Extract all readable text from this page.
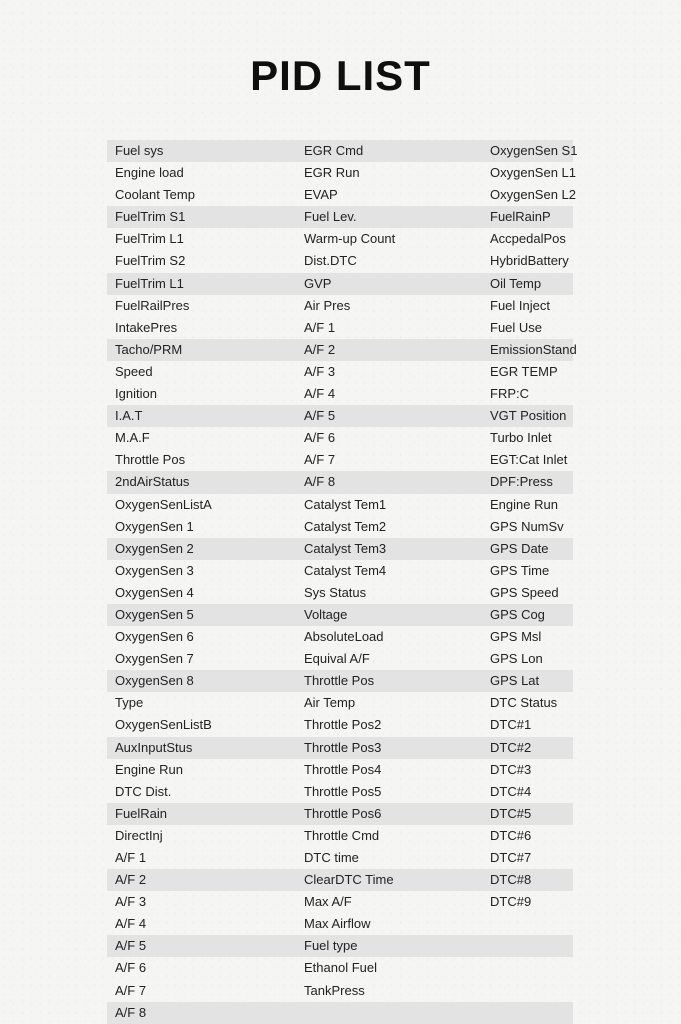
PID LIST
Fuel sys	EGR Cmd	OxygenSen S1
Engine load	EGR Run	OxygenSen L1
Coolant Temp	EVAP	OxygenSen L2
FuelTrim S1	Fuel Lev.	FuelRainP
FuelTrim L1	Warm-up Count	AccpedalPos
FuelTrim S2	Dist.DTC	HybridBattery
FuelTrim L1	GVP	Oil Temp
FuelRailPres	Air Pres	Fuel Inject
IntakePres	A/F 1	Fuel Use
Tacho/PRM	A/F 2	EmissionStand
Speed	A/F 3	EGR TEMP
Ignition	A/F 4	FRP:C
I.A.T	A/F 5	VGT Position
M.A.F	A/F 6	Turbo Inlet
Throttle Pos	A/F 7	EGT:Cat Inlet
2ndAirStatus	A/F 8	DPF:Press
OxygenSenListA	Catalyst Tem1	Engine Run
OxygenSen 1	Catalyst Tem2	GPS NumSv
OxygenSen 2	Catalyst Tem3	GPS Date
OxygenSen 3	Catalyst Tem4	GPS Time
OxygenSen 4	Sys Status	GPS Speed
OxygenSen 5	Voltage	GPS Cog
OxygenSen 6	AbsoluteLoad	GPS Msl
OxygenSen 7	Equival A/F	GPS Lon
OxygenSen 8	Throttle Pos	GPS Lat
Type	Air Temp	DTC Status
OxygenSenListB	Throttle Pos2	DTC#1
AuxInputStus	Throttle Pos3	DTC#2
Engine Run	Throttle Pos4	DTC#3
DTC Dist.	Throttle Pos5	DTC#4
FuelRain	Throttle Pos6	DTC#5
DirectInj	Throttle Cmd	DTC#6
A/F 1	DTC time	DTC#7
A/F 2	ClearDTC Time	DTC#8
A/F 3	Max A/F	DTC#9
A/F 4	Max Airflow
A/F 5	Fuel type
A/F 6	Ethanol Fuel
A/F 7	TankPress
A/F 8
